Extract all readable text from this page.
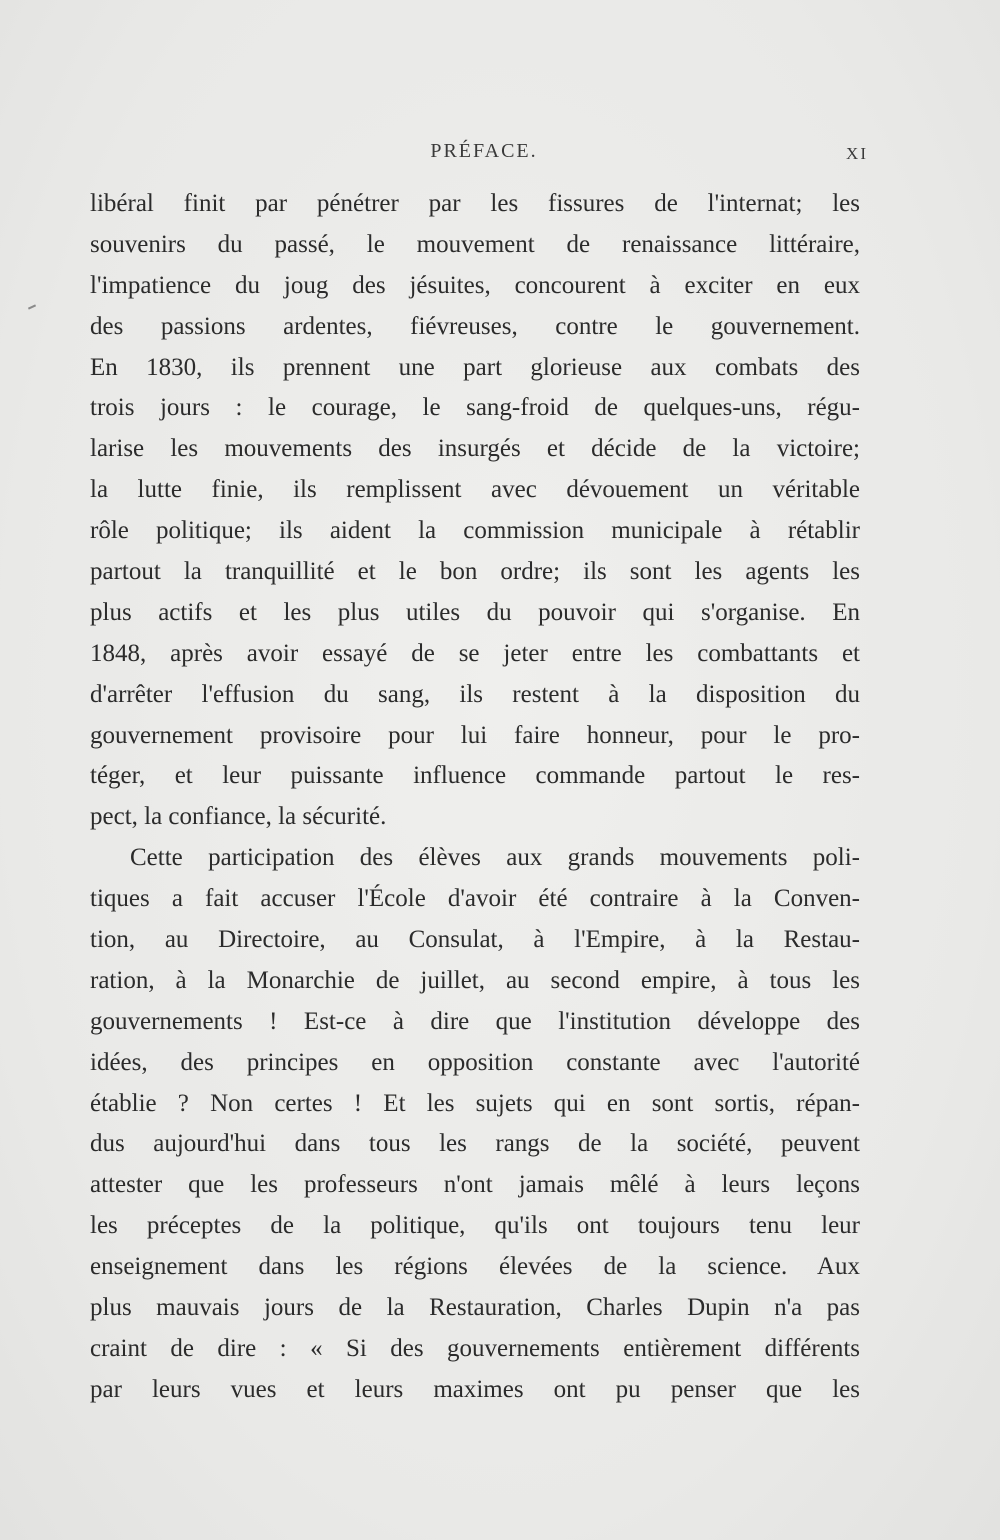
PRÉFACE.	XI
libéral finit par pénétrer par les fissures de l'internat; les
souvenirs du passé, le mouvement de renaissance littéraire,
l'impatience du joug des jésuites, concourent à exciter en eux
des passions ardentes, fiévreuses, contre le gouvernement.
En 1830, ils prennent une part glorieuse aux combats des
trois jours : le courage, le sang-froid de quelques-uns, régu-
larise les mouvements des insurgés et décide de la victoire;
la lutte finie, ils remplissent avec dévouement un véritable
rôle politique; ils aident la commission municipale à rétablir
partout la tranquillité et le bon ordre; ils sont les agents les
plus actifs et les plus utiles du pouvoir qui s'organise. En
1848, après avoir essayé de se jeter entre les combattants et
d'arrêter l'effusion du sang, ils restent à la disposition du
gouvernement provisoire pour lui faire honneur, pour le pro-
téger, et leur puissante influence commande partout le res-
pect, la confiance, la sécurité.
Cette participation des élèves aux grands mouvements poli-
tiques a fait accuser l'École d'avoir été contraire à la Conven-
tion, au Directoire, au Consulat, à l'Empire, à la Restau-
ration, à la Monarchie de juillet, au second empire, à tous les
gouvernements ! Est-ce à dire que l'institution développe des
idées, des principes en opposition constante avec l'autorité
établie ? Non certes ! Et les sujets qui en sont sortis, répan-
dus aujourd'hui dans tous les rangs de la société, peuvent
attester que les professeurs n'ont jamais mêlé à leurs leçons
les préceptes de la politique, qu'ils ont toujours tenu leur
enseignement dans les régions élevées de la science. Aux
plus mauvais jours de la Restauration, Charles Dupin n'a pas
craint de dire : « Si des gouvernements entièrement différents
par leurs vues et leurs maximes ont pu penser que les
